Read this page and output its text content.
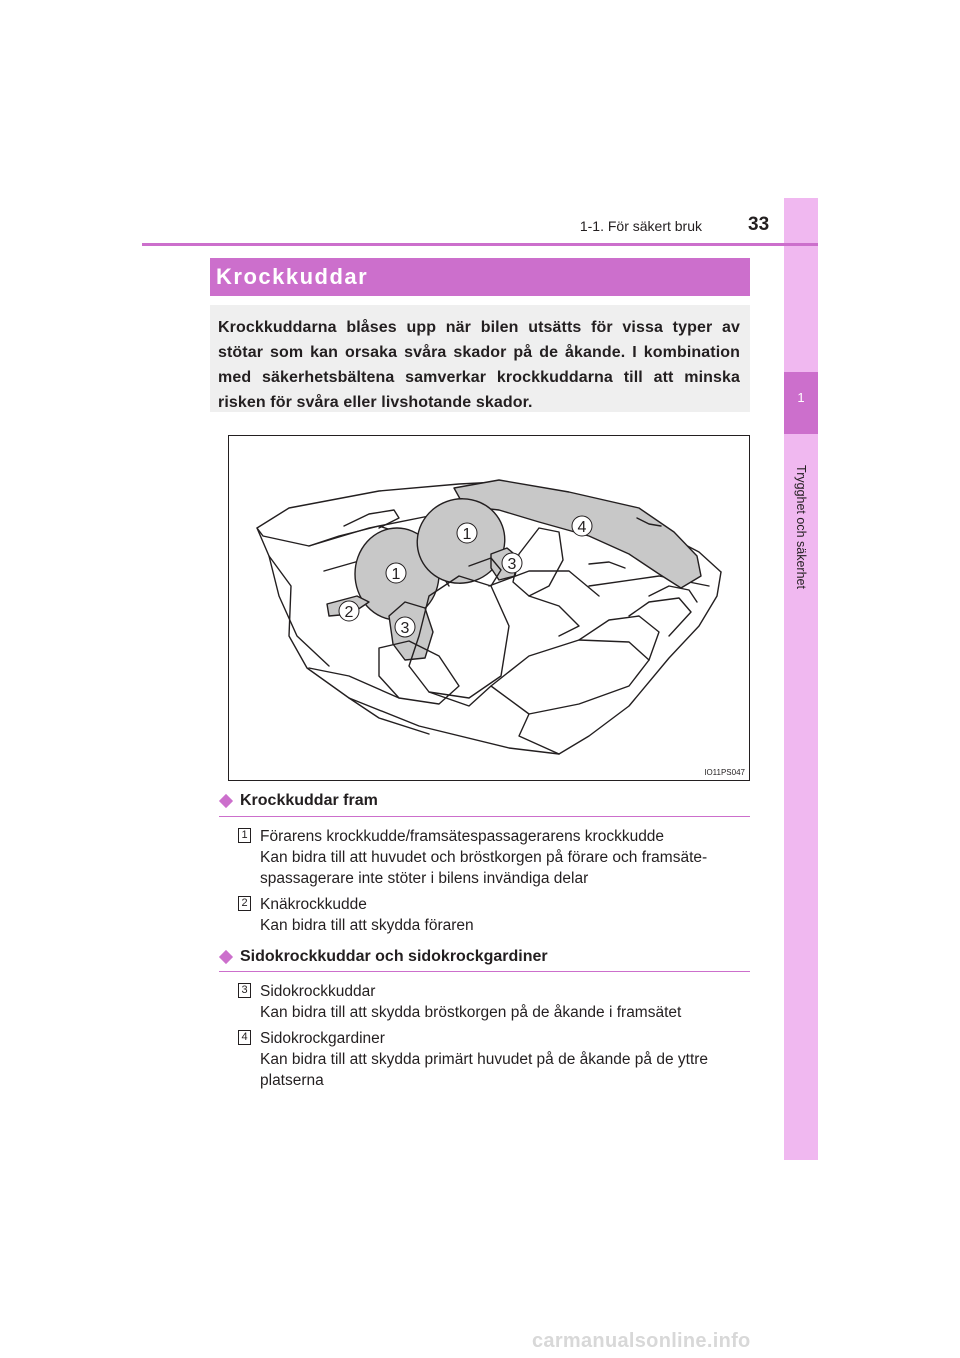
1
Trygghet och säkerhet
1-1. För säkert bruk 33
Krockkuddar
Krockkuddarna blåses upp när bilen utsätts för vissa typer av stötar som kan orsaka svåra skador på de åkande. I kombination med säkerhetsbältena samverkar krockkuddarna till att minska risken för svåra eller livshotande skador.
1
1
2
3
3
4
IO11PS047
Krockkuddar fram
1 Förarens krockkudde/framsätespassagerarens krockkudde
Kan bidra till att huvudet och bröstkorgen på förare och framsäte-
spassagerare inte stöter i bilens invändiga delar
2 Knäkrockkudde
Kan bidra till att skydda föraren
Sidokrockkuddar och sidokrockgardiner
3 Sidokrockkuddar
Kan bidra till att skydda bröstkorgen på de åkande i framsätet
4 Sidokrockgardiner
Kan bidra till att skydda primärt huvudet på de åkande på de yttre
platserna
carmanualsonline.info
